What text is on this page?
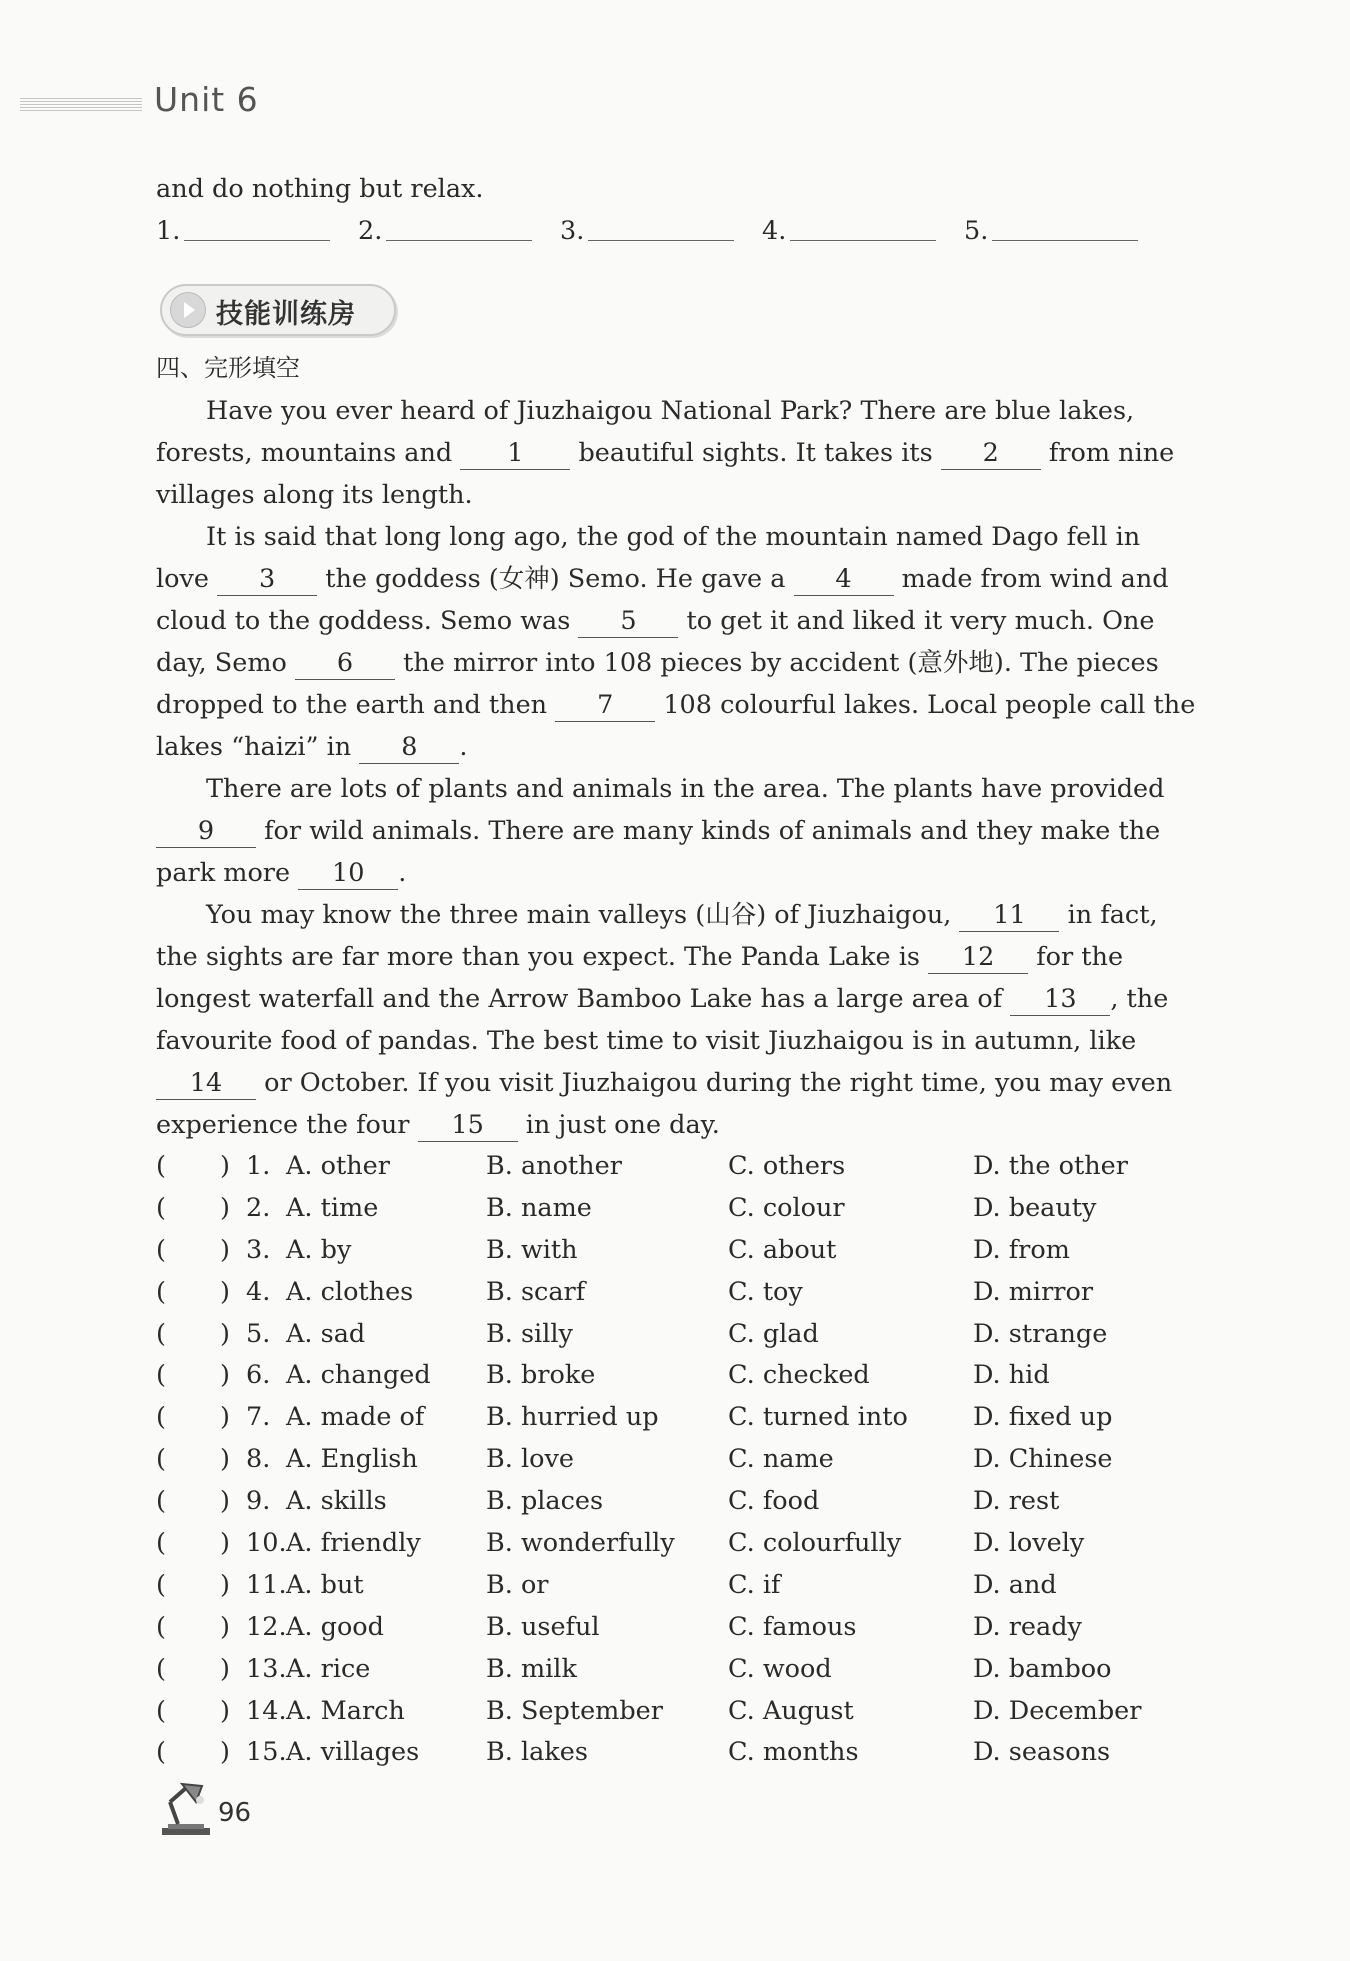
Unit 6

and do nothing but relax.

1.	2.	3.	4.	5.
技能训练房

四、完形填空

Have you ever heard of Jiuzhaigou National Park? There are blue lakes, forests, mountains and 1 beautiful sights. It takes its 2 from nine villages along its length.

It is said that long long ago, the god of the mountain named Dago fell in love 3 the goddess (女神) Semo. He gave a 4 made from wind and cloud to the goddess. Semo was 5 to get it and liked it very much. One day, Semo 6 the mirror into 108 pieces by accident (意外地). The pieces dropped to the earth and then 7 108 colourful lakes. Local people call the lakes “haizi” in 8 .

There are lots of plants and animals in the area. The plants have provided 9 for wild animals. There are many kinds of animals and they make the park more 10 .

You may know the three main valleys (山谷) of Jiuzhaigou, 11 in fact, the sights are far more than you expect. The Panda Lake is 12 for the longest waterfall and the Arrow Bamboo Lake has a large area of 13 , the favourite food of pandas. The best time to visit Jiuzhaigou is in autumn, like 14 or October. If you visit Jiuzhaigou during the right time, you may even experience the four 15 in just one day.

(	) 1. A. other	B. another	C. others	D. the other
(	) 2. A. time	B. name	C. colour	D. beauty
(	) 3. A. by	B. with	C. about	D. from
(	) 4. A. clothes	B. scarf	C. toy	D. mirror
(	) 5. A. sad	B. silly	C. glad	D. strange
(	) 6. A. changed	B. broke	C. checked	D. hid
(	) 7. A. made of	B. hurried up	C. turned into	D. fixed up
(	) 8. A. English	B. love	C. name	D. Chinese
(	) 9. A. skills	B. places	C. food	D. rest
(	) 10. A. friendly	B. wonderfully	C. colourfully	D. lovely
(	) 11. A. but	B. or	C. if	D. and
(	) 12. A. good	B. useful	C. famous	D. ready
(	) 13. A. rice	B. milk	C. wood	D. bamboo
(	) 14. A. March	B. September	C. August	D. December
(	) 15. A. villages	B. lakes	C. months	D. seasons
96
